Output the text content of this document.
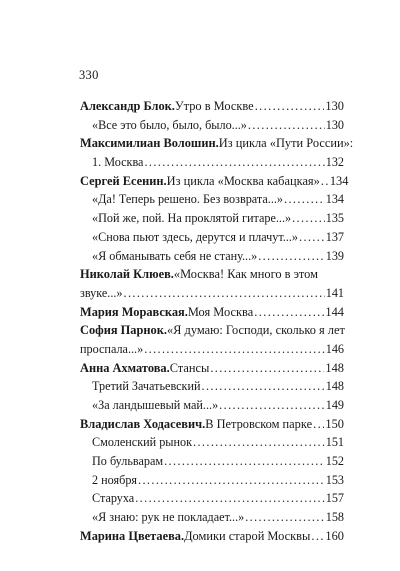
330
Александр Блок. Утро в Москве .....	130
«Все это было, было, было...» .....	130
Максимилиан Волошин. Из цикла «Пути России»:
1. Москва .....	132
Сергей Есенин. Из цикла «Москва кабацкая» ..... 134
«Да! Теперь решено. Без возврата...» .....	134
«Пой же, пой. На проклятой гитаре...» .....	135
«Снова пьют здесь, дерутся и плачут...» ..... 137
«Я обманывать себя не стану...» .....	139
Николай Клюев. «Москва! Как много в этом
звуке...» .....	141
Мария Моравская. Моя Москва .....	144
София Парнок. «Я думаю: Господи, сколько я лет
проспала...» .....	146
Анна Ахматова. Стансы .....	148
Третий Зачатьевский .....	148
«За ландышевый май...» .....	149
Владислав Ходасевич. В Петровском парке ..... 150
Смоленский рынок .....	151
По бульварам .....	152
2 ноября .....	153
Старуха .....	157
«Я знаю: рук не покладает...» .....	158
Марина Цветаева. Домики старой Москвы ..... 160
